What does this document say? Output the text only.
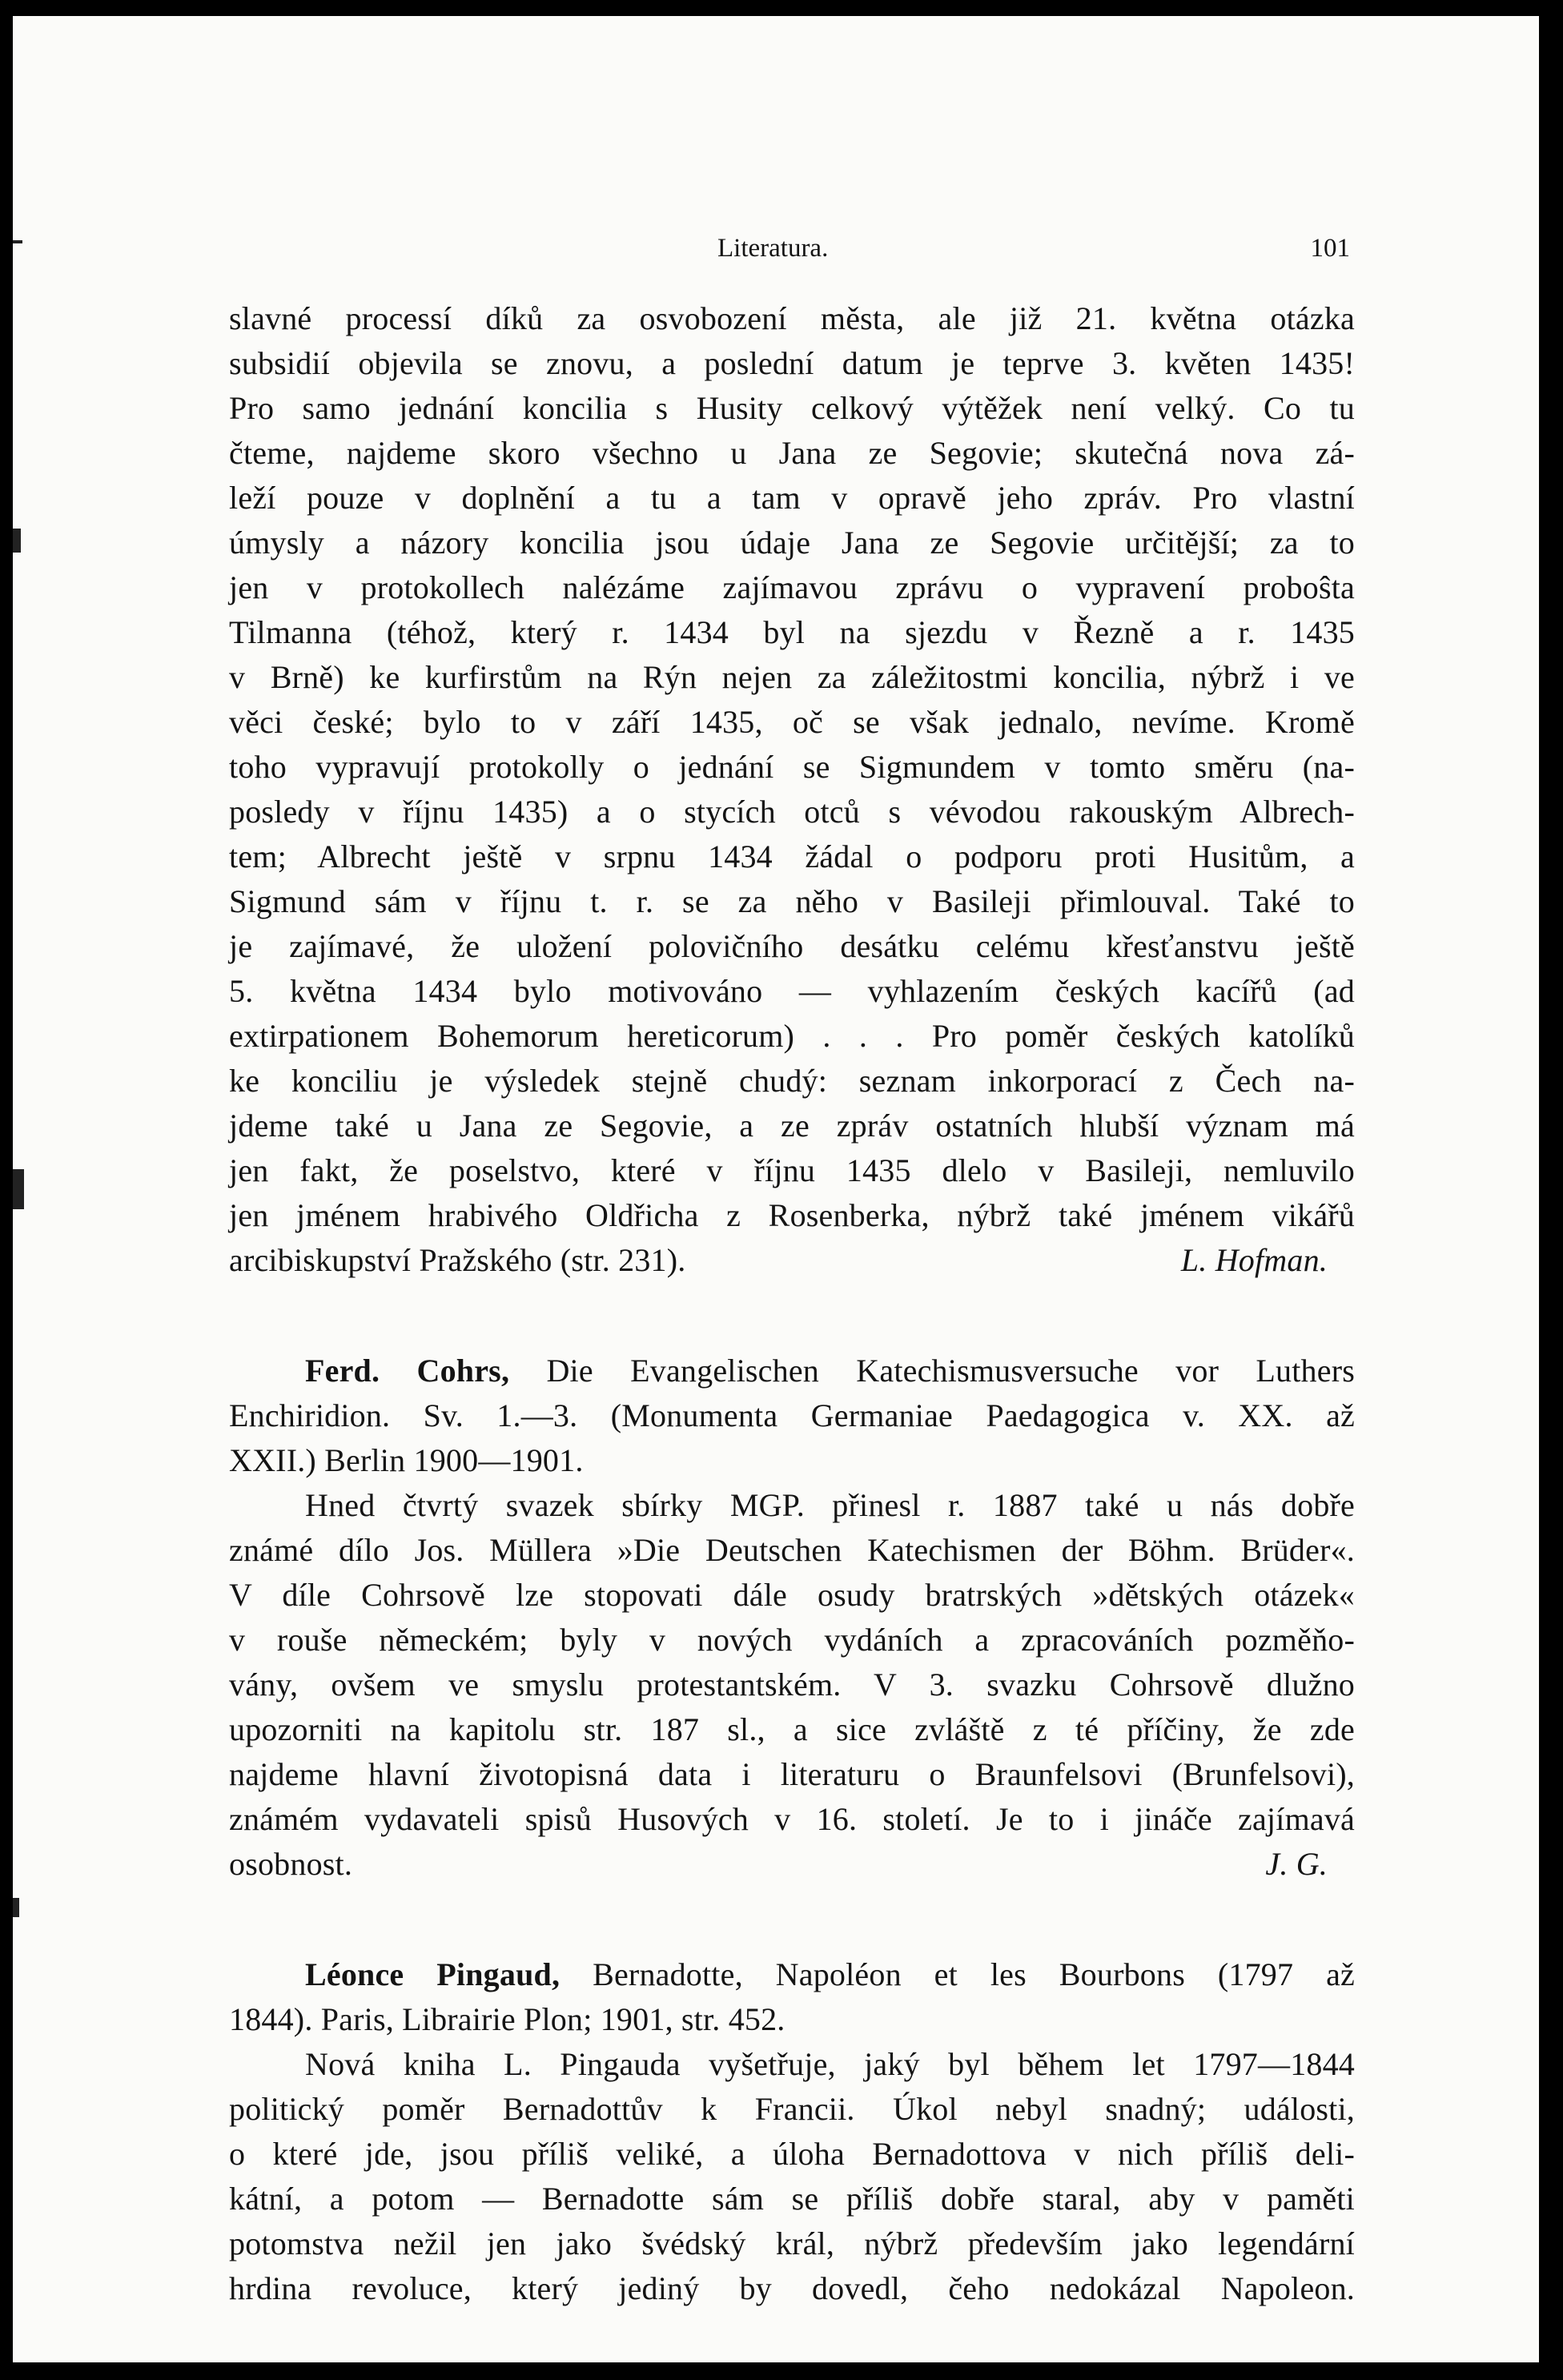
Literatura.	101
slavné processí díků za osvobození města, ale již 21. května otázka
subsidií objevila se znovu, a poslední datum je teprve 3. květen 1435!
Pro samo jednání koncilia s Husity celkový výtěžek není velký. Co tu
čteme, najdeme skoro všechno u Jana ze Segovie; skutečná nova zá-
leží pouze v doplnění a tu a tam v opravě jeho zpráv. Pro vlastní
úmysly a názory koncilia jsou údaje Jana ze Segovie určitější; za to
jen v protokollech nalézáme zajímavou zprávu o vypravení proboŝta
Tilmanna (téhož, který r. 1434 byl na sjezdu v Řezně a r. 1435
v Brně) ke kurfirstům na Rýn nejen za záležitostmi koncilia, nýbrž i ve
věci české; bylo to v září 1435, oč se však jednalo, nevíme. Kromě
toho vypravují protokolly o jednání se Sigmundem v tomto směru (na-
posledy v říjnu 1435) a o stycích otců s vévodou rakouským Albrech-
tem; Albrecht ještě v srpnu 1434 žádal o podporu proti Husitům, a
Sigmund sám v říjnu t. r. se za něho v Basileji přimlouval. Také to
je zajímavé, že uložení polovičního desátku celému křesťanstvu ještě
5. května 1434 bylo motivováno — vyhlazením českých kacířů (ad
extirpationem Bohemorum hereticorum) . . . Pro poměr českých katolíků
ke konciliu je výsledek stejně chudý: seznam inkorporací z Čech na-
jdeme také u Jana ze Segovie, a ze zpráv ostatních hlubší význam má
jen fakt, že poselstvo, které v říjnu 1435 dlelo v Basileji, nemluvilo
jen jménem hrabivého Oldřicha z Rosenberka, nýbrž také jménem vikářů
arcibiskupství Pražského (str. 231).	L. Hofman.
Ferd. Cohrs, Die Evangelischen Katechismusversuche vor Luthers
Enchiridion. Sv. 1.—3. (Monumenta Germaniae Paedagogica v. XX. až
XXII.) Berlin 1900—1901.
Hned čtvrtý svazek sbírky MGP. přinesl r. 1887 také u nás dobře
známé dílo Jos. Müllera »Die Deutschen Katechismen der Böhm. Brüder«.
V díle Cohrsově lze stopovati dále osudy bratrských »dětských otázek«
v rouše německém; byly v nových vydáních a zpracováních pozměňo-
vány, ovšem ve smyslu protestantském. V 3. svazku Cohrsově dlužno
upozorniti na kapitolu str. 187 sl., a sice zvláště z té příčiny, že zde
najdeme hlavní životopisná data i literaturu o Braunfelsovi (Brunfelsovi),
známém vydavateli spisů Husových v 16. století. Je to i jináče zajímavá
osobnost.	J. G.
Léonce Pingaud, Bernadotte, Napoléon et les Bourbons (1797 až
1844). Paris, Librairie Plon; 1901, str. 452.
Nová kniha L. Pingauda vyšetřuje, jaký byl během let 1797—1844
politický poměr Bernadottův k Francii. Úkol nebyl snadný; události,
o které jde, jsou příliš veliké, a úloha Bernadottova v nich příliš deli-
kátní, a potom — Bernadotte sám se příliš dobře staral, aby v paměti
potomstva nežil jen jako švédský král, nýbrž především jako legendární
hrdina revoluce, který jediný by dovedl, čeho nedokázal Napoleon.
